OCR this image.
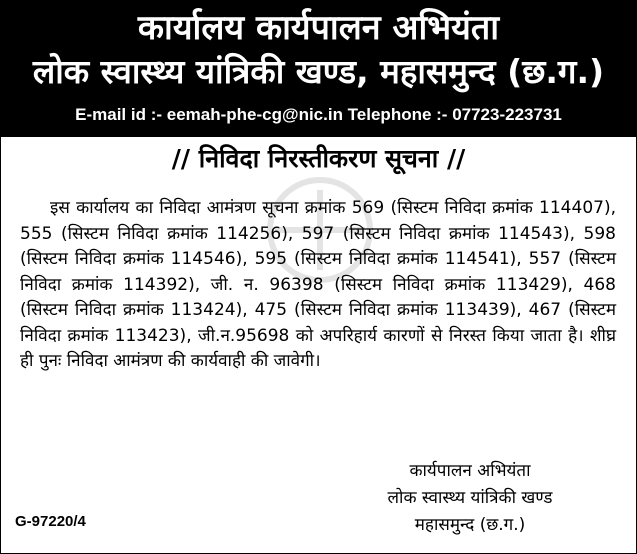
कार्यालय कार्यपालन अभियंता
लोक स्वास्थ्य यांत्रिकी खण्ड, महासमुन्द (छ.ग.)
E-mail id :- eemah-phe-cg@nic.in Telephone :- 07723-223731
// निविदा निरस्तीकरण सूचना //
इस कार्यालय का निविदा आमंत्रण सूचना क्रमांक 569 (सिस्टम निविदा क्रमांक 114407), 555 (सिस्टम निविदा क्रमांक 114256), 597 (सिस्टम निविदा क्रमांक 114543), 598 (सिस्टम निविदा क्रमांक 114546), 595 (सिस्टम निविदा क्रमांक 114541), 557 (सिस्टम निविदा क्रमांक 114392), जी. न. 96398 (सिस्टम निविदा क्रमांक 113429), 468 (सिस्टम निविदा क्रमांक 113424), 475 (सिस्टम निविदा क्रमांक 113439), 467 (सिस्टम निविदा क्रमांक 113423), जी.न.95698 को अपरिहार्य कारणों से निरस्त किया जाता है। शीघ्र ही पुनः निविदा आमंत्रण की कार्यवाही की जावेगी।
कार्यपालन अभियंता
लोक स्वास्थ्य यांत्रिकी खण्ड
महासमुन्द (छ.ग.)
G-97220/4
